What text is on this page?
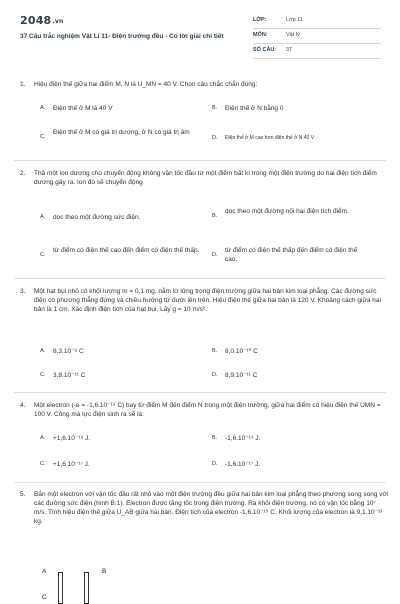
2048.vn
37 Câu trắc nghiệm Vật Lí 11- Điện trường đều - Có lời giải chi tiết
LỚP:	Lớp 11
MÔN:	Vật lý
SỐ CÂU: 37
1.	Hiệu điện thế giữa hai điểm M, N là U_MN = 40 V. Chọn câu chắc chắn đúng:
A. Điện thế ở M là 40 V	B. Điện thế ở N bằng 0
C.
Điện thế ở M có giá trị dương, ở N có giá trị âm
D. Điện thế ở M cao hơn điện thế ở N 40 V
2.	Thả một ion dương cho chuyển động không vận tốc đầu từ một điểm bất kì trong một điện trường do hai điện tích điểm dương gây ra. Ion đó sẽ chuyển động
A. dọc theo một đường sức điện.	B.
dọc theo một đường nối hai điện tích điểm.
C.
từ điểm có điện thế cao đến điểm có điện thế thấp.
D.
từ điểm có điện thế thấp đến điểm có điện thế cao.
3.	Một hạt bụi nhỏ có khối lượng m = 0,1 mg, nằm lơ lửng trong điện trường giữa hai bản kim loại phẳng. Các đường sức điện có phương thẳng đứng và chiều hướng từ dưới lên trên. Hiệu điện thế giữa hai bản là 120 V. Khoảng cách giữa hai bản là 1 cm. Xác định điện tích của hạt bụi. Lấy g = 10 m/s².
A. 8,3.10⁻⁸ C	B. 8,0.10⁻¹⁰ C
C. 3,8.10⁻¹¹ C	D. 8,9.10⁻¹¹ C
4.	Một electron (-e = -1,6.10⁻¹⁹ C) bay từ điểm M đến điểm N trong một điện trường, giữa hai điểm có hiệu điện thế UMN = 100 V. Công mà lực điện sinh ra sẽ là:
A. +1,6.10⁻¹⁹ J.	B. -1,6.10⁻¹⁹ J.
C. +1,6.10⁻¹⁷ J.	D. -1,6.10⁻¹⁷ J.
5.	Bắn một electron với vận tốc đầu rất nhỏ vào một điện trường đều giữa hai bản kim loại phẳng theo phương song song với các đường sức điện (hình B.1). Electron được tăng tốc trong điện trường. Ra khỏi điện trường, nó có vận tốc bằng 10⁷ m/s. Tính hiệu điện thế giữa U_AB giữa hai bản. Điện tích của electron -1,6.10⁻¹⁹ C. Khối lượng của electron là 9,1.10⁻³¹ kg.
A	B
C
